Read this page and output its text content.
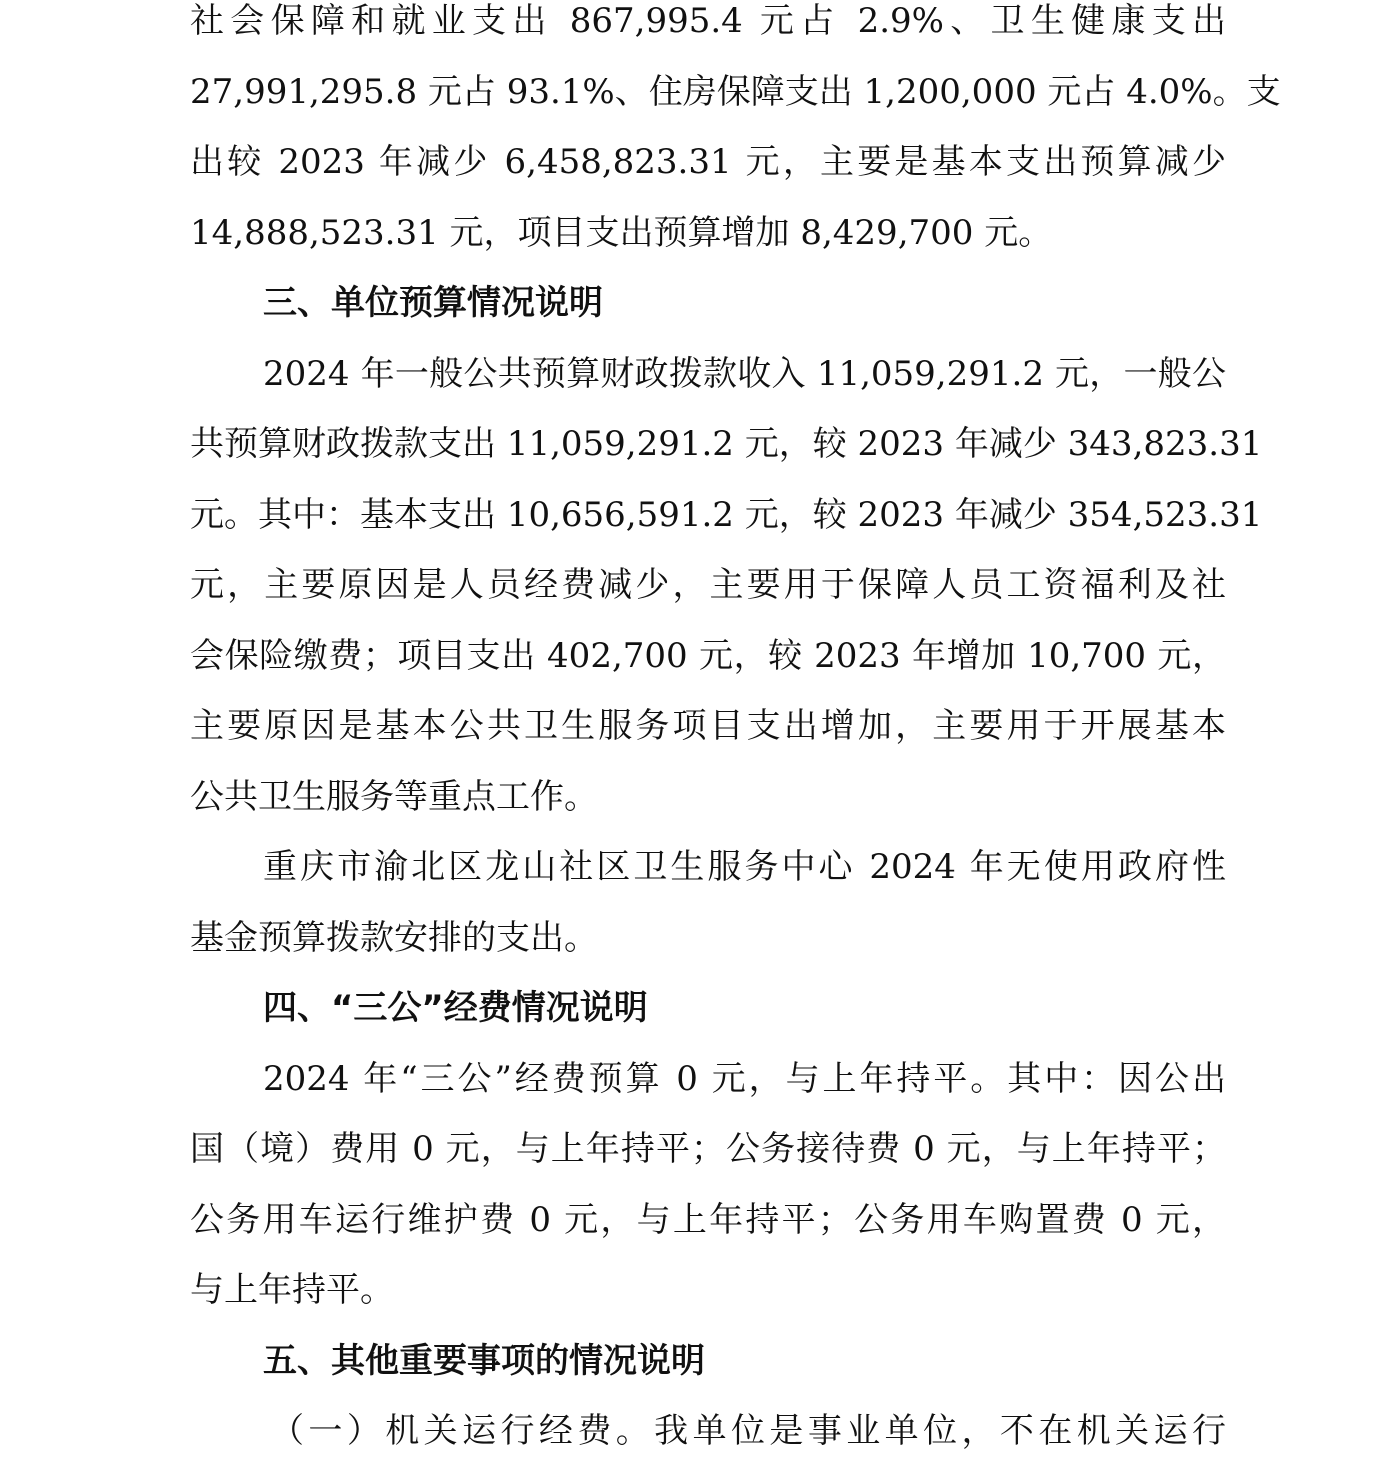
社会保障和就业支出 867,995.4 元占 2.9%、卫生健康支出
27,991,295.8 元占 93.1%、住房保障支出 1,200,000 元占 4.0%。支
出较 2023 年减少 6,458,823.31 元，主要是基本支出预算减少
14,888,523.31 元，项目支出预算增加 8,429,700 元。
三、单位预算情况说明
2024 年一般公共预算财政拨款收入 11,059,291.2 元，一般公
共预算财政拨款支出 11,059,291.2 元，较 2023 年减少 343,823.31
元。其中：基本支出 10,656,591.2 元，较 2023 年减少 354,523.31
元，主要原因是人员经费减少，主要用于保障人员工资福利及社
会保险缴费；项目支出 402,700 元，较 2023 年增加 10,700 元，
主要原因是基本公共卫生服务项目支出增加，主要用于开展基本
公共卫生服务等重点工作。
重庆市渝北区龙山社区卫生服务中心 2024 年无使用政府性
基金预算拨款安排的支出。
四、“三公”经费情况说明
2024 年“三公”经费预算 0 元，与上年持平。其中：因公出
国（境）费用 0 元，与上年持平；公务接待费 0 元，与上年持平；
公务用车运行维护费 0 元，与上年持平；公务用车购置费 0 元，
与上年持平。
五、其他重要事项的情况说明
（一）机关运行经费。我单位是事业单位，不在机关运行
